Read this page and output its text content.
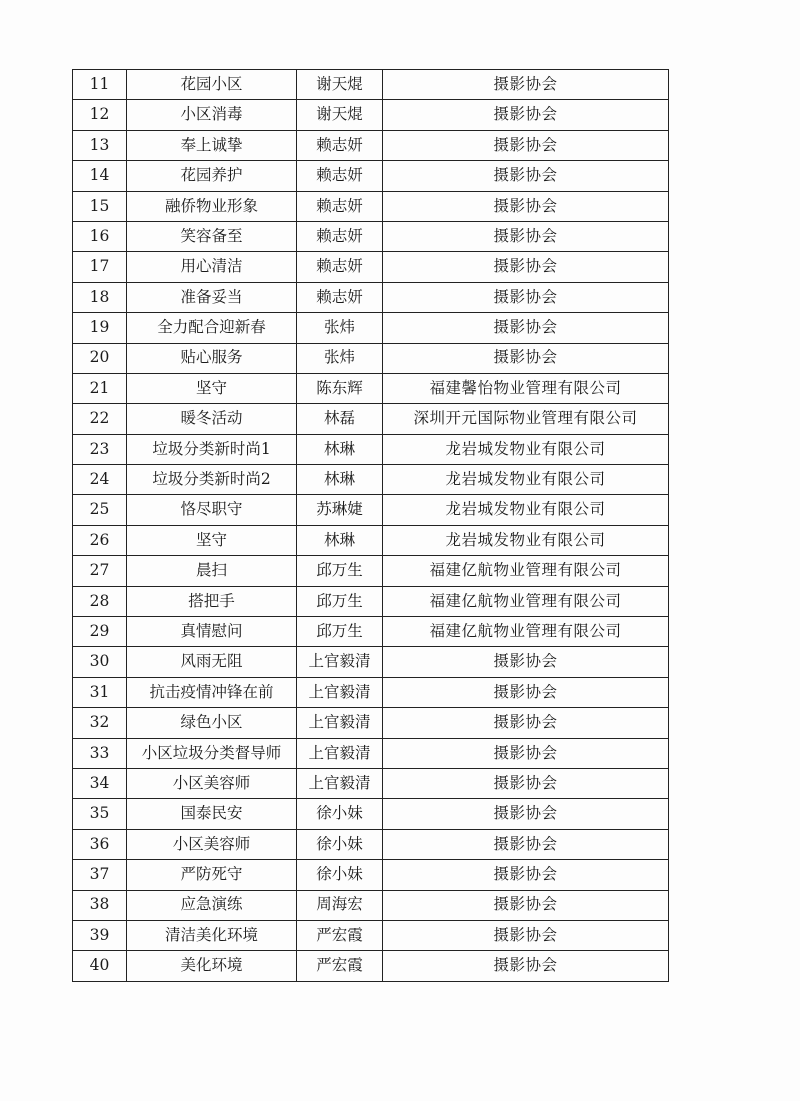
11	花园小区	谢天焜	摄影协会
12	小区消毒	谢天焜	摄影协会
13	奉上诚挚	赖志妍	摄影协会
14	花园养护	赖志妍	摄影协会
15	融侨物业形象	赖志妍	摄影协会
16	笑容备至	赖志妍	摄影协会
17	用心清洁	赖志妍	摄影协会
18	准备妥当	赖志妍	摄影协会
19	全力配合迎新春	张炜	摄影协会
20	贴心服务	张炜	摄影协会
21	坚守	陈东辉	福建馨怡物业管理有限公司
22	暖冬活动	林磊	深圳开元国际物业管理有限公司
23	垃圾分类新时尚1	林琳	龙岩城发物业有限公司
24	垃圾分类新时尚2	林琳	龙岩城发物业有限公司
25	恪尽职守	苏琳婕	龙岩城发物业有限公司
26	坚守	林琳	龙岩城发物业有限公司
27	晨扫	邱万生	福建亿航物业管理有限公司
28	搭把手	邱万生	福建亿航物业管理有限公司
29	真情慰问	邱万生	福建亿航物业管理有限公司
30	风雨无阻	上官毅清	摄影协会
31	抗击疫情冲锋在前	上官毅清	摄影协会
32	绿色小区	上官毅清	摄影协会
33	小区垃圾分类督导师	上官毅清	摄影协会
34	小区美容师	上官毅清	摄影协会
35	国泰民安	徐小妹	摄影协会
36	小区美容师	徐小妹	摄影协会
37	严防死守	徐小妹	摄影协会
38	应急演练	周海宏	摄影协会
39	清洁美化环境	严宏霞	摄影协会
40	美化环境	严宏霞	摄影协会
